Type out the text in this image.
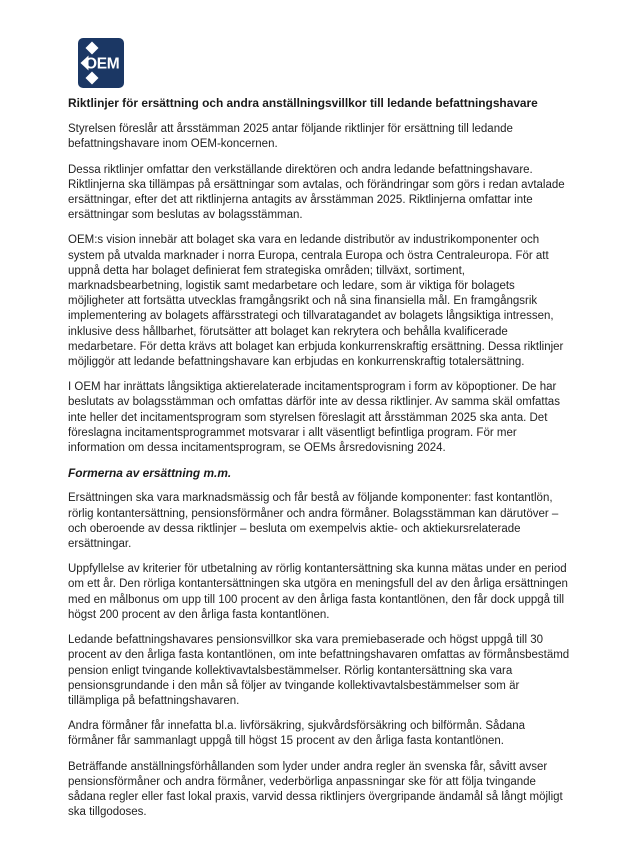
OEM
Riktlinjer för ersättning och andra anställningsvillkor till ledande befattningshavare

Styrelsen föreslår att årsstämman 2025 antar följande riktlinjer för ersättning till ledande befattningshavare inom OEM-koncernen.

Dessa riktlinjer omfattar den verkställande direktören och andra ledande befattningshavare. Riktlinjerna ska tillämpas på ersättningar som avtalas, och förändringar som görs i redan avtalade ersättningar, efter det att riktlinjerna antagits av årsstämman 2025. Riktlinjerna omfattar inte ersättningar som beslutas av bolagsstämman.

OEM:s vision innebär att bolaget ska vara en ledande distributör av industrikomponenter och system på utvalda marknader i norra Europa, centrala Europa och östra Centraleuropa. För att uppnå detta har bolaget definierat fem strategiska områden; tillväxt, sortiment, marknadsbearbetning, logistik samt medarbetare och ledare, som är viktiga för bolagets möjligheter att fortsätta utvecklas framgångsrikt och nå sina finansiella mål. En framgångsrik implementering av bolagets affärsstrategi och tillvaratagandet av bolagets långsiktiga intressen, inklusive dess hållbarhet, förutsätter att bolaget kan rekrytera och behålla kvalificerade medarbetare. För detta krävs att bolaget kan erbjuda konkurrenskraftig ersättning. Dessa riktlinjer möjliggör att ledande befattningshavare kan erbjudas en konkurrenskraftig totalersättning.

I OEM har inrättats långsiktiga aktierelaterade incitamentsprogram i form av köpoptioner. De har beslutats av bolagsstämman och omfattas därför inte av dessa riktlinjer. Av samma skäl omfattas inte heller det incitamentsprogram som styrelsen föreslagit att årsstämman 2025 ska anta. Det föreslagna incitamentsprogrammet motsvarar i allt väsentligt befintliga program. För mer information om dessa incitamentsprogram, se OEMs årsredovisning 2024.

Formerna av ersättning m.m.

Ersättningen ska vara marknadsmässig och får bestå av följande komponenter: fast kontantlön, rörlig kontantersättning, pensionsförmåner och andra förmåner. Bolagsstämman kan därutöver – och oberoende av dessa riktlinjer – besluta om exempelvis aktie- och aktiekursrelaterade ersättningar.

Uppfyllelse av kriterier för utbetalning av rörlig kontantersättning ska kunna mätas under en period om ett år. Den rörliga kontantersättningen ska utgöra en meningsfull del av den årliga ersättningen med en målbonus om upp till 100 procent av den årliga fasta kontantlönen, den får dock uppgå till högst 200 procent av den årliga fasta kontantlönen.

Ledande befattningshavares pensionsvillkor ska vara premiebaserade och högst uppgå till 30 procent av den årliga fasta kontantlönen, om inte befattningshavaren omfattas av förmånsbestämd pension enligt tvingande kollektivavtalsbestämmelser. Rörlig kontantersättning ska vara pensionsgrundande i den mån så följer av tvingande kollektivavtalsbestämmelser som är tillämpliga på befattningshavaren.

Andra förmåner får innefatta bl.a. livförsäkring, sjukvårdsförsäkring och bilförmån. Sådana förmåner får sammanlagt uppgå till högst 15 procent av den årliga fasta kontantlönen.

Beträffande anställningsförhållanden som lyder under andra regler än svenska får, såvitt avser pensionsförmåner och andra förmåner, vederbörliga anpassningar ske för att följa tvingande sådana regler eller fast lokal praxis, varvid dessa riktlinjers övergripande ändamål så långt möjligt ska tillgodoses.
